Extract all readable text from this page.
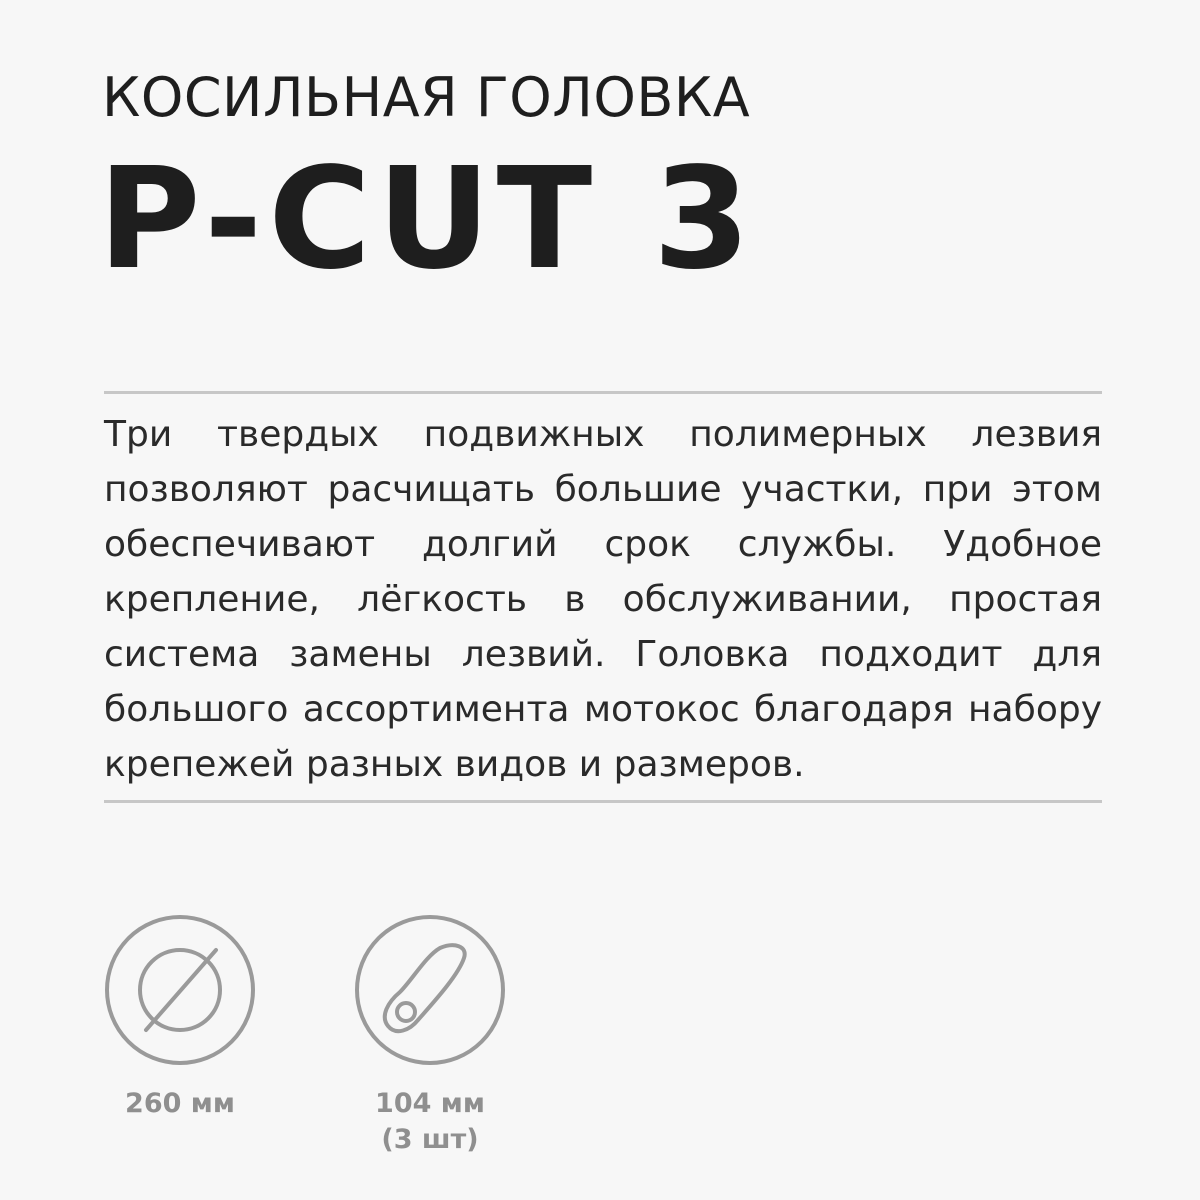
КОСИЛЬНАЯ ГОЛОВКА
P-CUT 3
Три твердых подвижных полимерных лезвия позволяют расчищать большие участки, при этом обеспечивают долгий срок службы. Удобное крепление, лёгкость в обслуживании, простая система замены лезвий. Головка подходит для большого ассортимента мотокос благодаря набору крепежей разных видов и размеров.
260 мм	104 мм
(3 шт)
